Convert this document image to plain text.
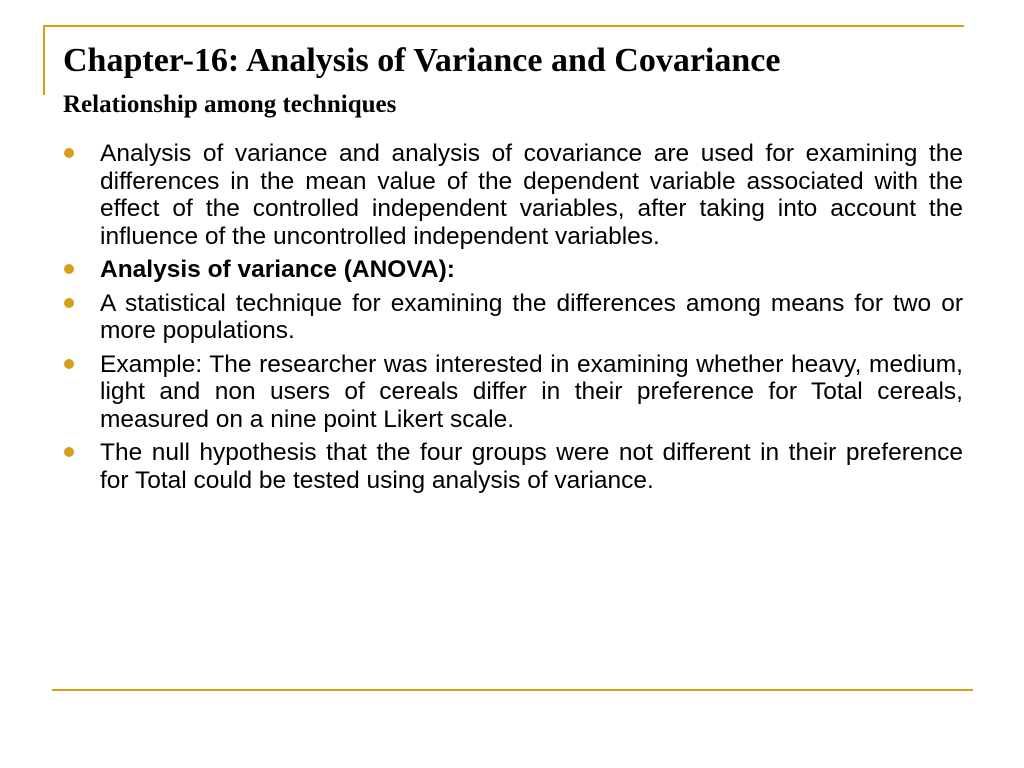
Chapter-16: Analysis of Variance and Covariance
Relationship among techniques
Analysis of variance and analysis of covariance are used for examining the differences in the mean value of the dependent variable associated with the effect of the controlled independent variables, after taking into account the influence of the uncontrolled independent variables.
Analysis of variance (ANOVA):
A statistical technique for examining the differences among means for two or more populations.
Example: The researcher was interested in examining whether heavy, medium, light and non users of cereals differ in their preference for Total cereals, measured on a nine point Likert scale.
The null hypothesis that the four groups were not different in their preference for Total could be tested using analysis of variance.
